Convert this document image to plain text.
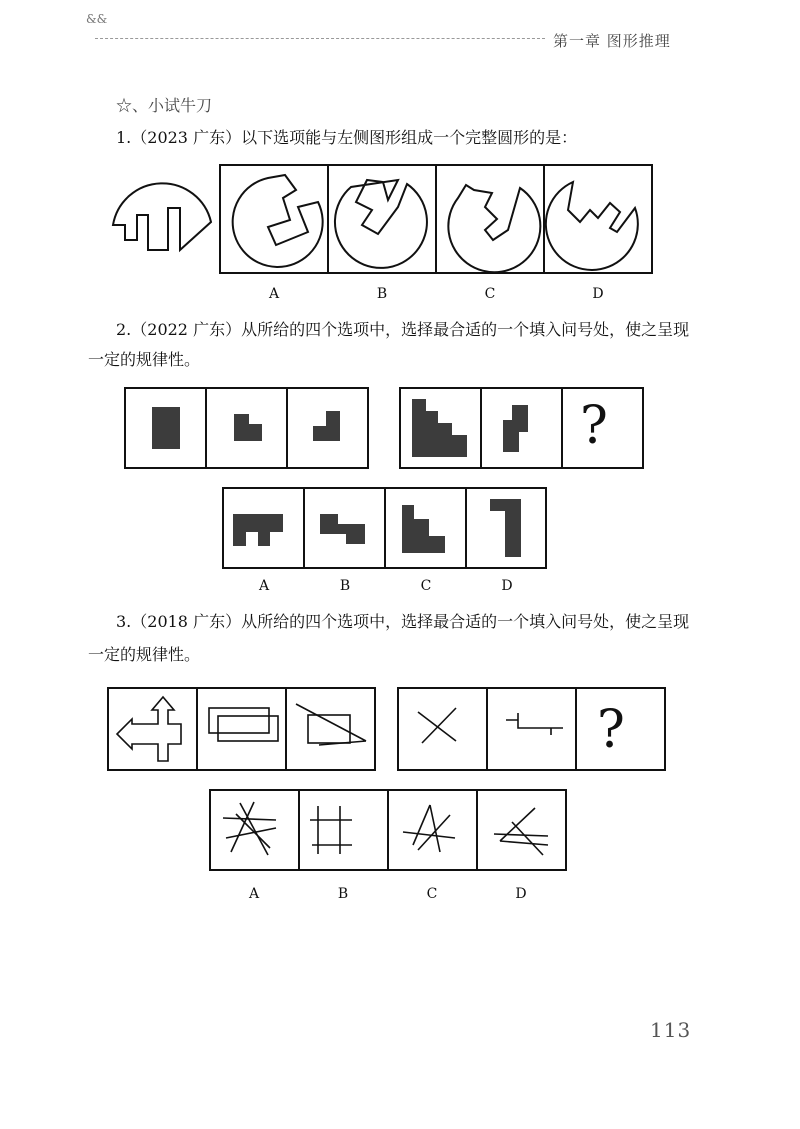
&&
第一章 图形推理
☆、小试牛刀
1.（2023 广东）以下选项能与左侧图形组成一个完整圆形的是：
A	B	C	D
2.（2022 广东）从所给的四个选项中，选择最合适的一个填入问号处，使之呈现
一定的规律性。
?
A	B	C	D
3.（2018 广东）从所给的四个选项中，选择最合适的一个填入问号处，使之呈现
一定的规律性。
?
A	B	C	D
113
